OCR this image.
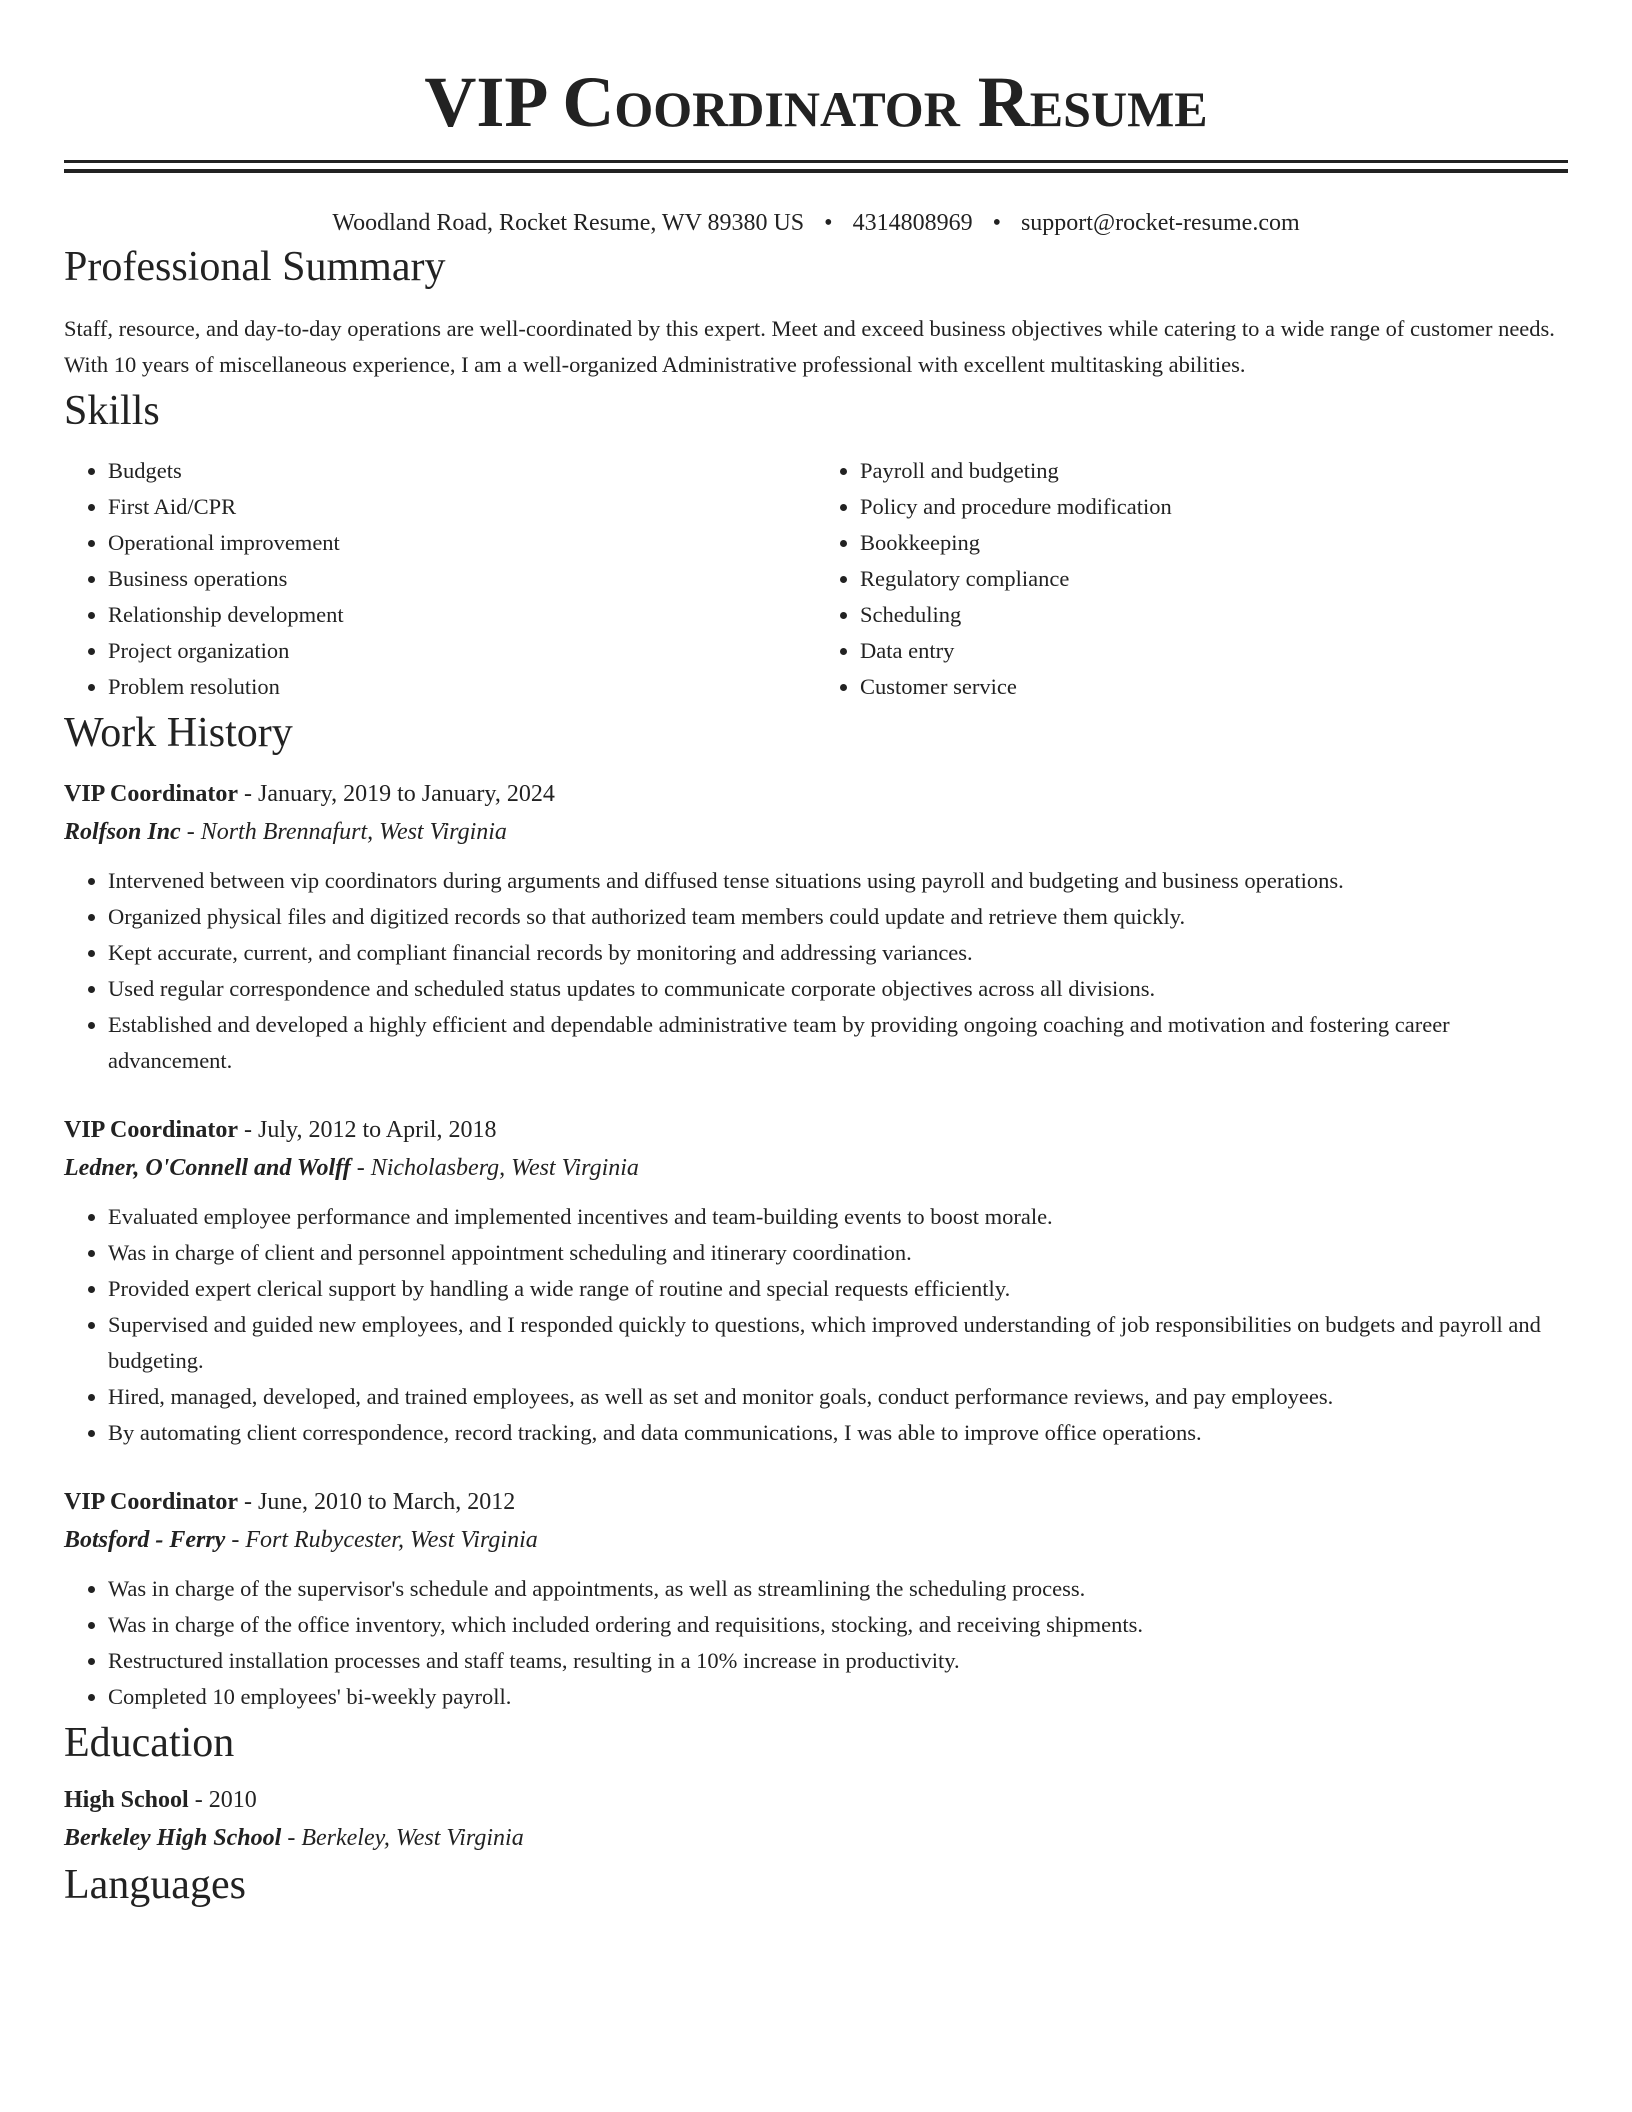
VIP Coordinator Resume
Woodland Road, Rocket Resume, WV 89380 US • 4314808969 • support@rocket-resume.com
Professional Summary

Staff, resource, and day-to-day operations are well-coordinated by this expert. Meet and exceed business objectives while catering to a wide range of customer needs. With 10 years of miscellaneous experience, I am a well-organized Administrative professional with excellent multitasking abilities.

Skills
• Budgets
• First Aid/CPR
• Operational improvement
• Business operations
• Relationship development
• Project organization
• Problem resolution
• Payroll and budgeting
• Policy and procedure modification
• Bookkeeping
• Regulatory compliance
• Scheduling
• Data entry
• Customer service
Work History
VIP Coordinator - January, 2019 to January, 2024
Rolfson Inc - North Brennafurt, West Virginia
• Intervened between vip coordinators during arguments and diffused tense situations using payroll and budgeting and business operations.
• Organized physical files and digitized records so that authorized team members could update and retrieve them quickly.
• Kept accurate, current, and compliant financial records by monitoring and addressing variances.
• Used regular correspondence and scheduled status updates to communicate corporate objectives across all divisions.
• Established and developed a highly efficient and dependable administrative team by providing ongoing coaching and motivation and fostering career advancement.
VIP Coordinator - July, 2012 to April, 2018
Ledner, O'Connell and Wolff - Nicholasberg, West Virginia
• Evaluated employee performance and implemented incentives and team-building events to boost morale.
• Was in charge of client and personnel appointment scheduling and itinerary coordination.
• Provided expert clerical support by handling a wide range of routine and special requests efficiently.
• Supervised and guided new employees, and I responded quickly to questions, which improved understanding of job responsibilities on budgets and payroll and budgeting.
• Hired, managed, developed, and trained employees, as well as set and monitor goals, conduct performance reviews, and pay employees.
• By automating client correspondence, record tracking, and data communications, I was able to improve office operations.
VIP Coordinator - June, 2010 to March, 2012
Botsford - Ferry - Fort Rubycester, West Virginia
• Was in charge of the supervisor's schedule and appointments, as well as streamlining the scheduling process.
• Was in charge of the office inventory, which included ordering and requisitions, stocking, and receiving shipments.
• Restructured installation processes and staff teams, resulting in a 10% increase in productivity.
• Completed 10 employees' bi-weekly payroll.
Education
High School - 2010
Berkeley High School - Berkeley, West Virginia
Languages
